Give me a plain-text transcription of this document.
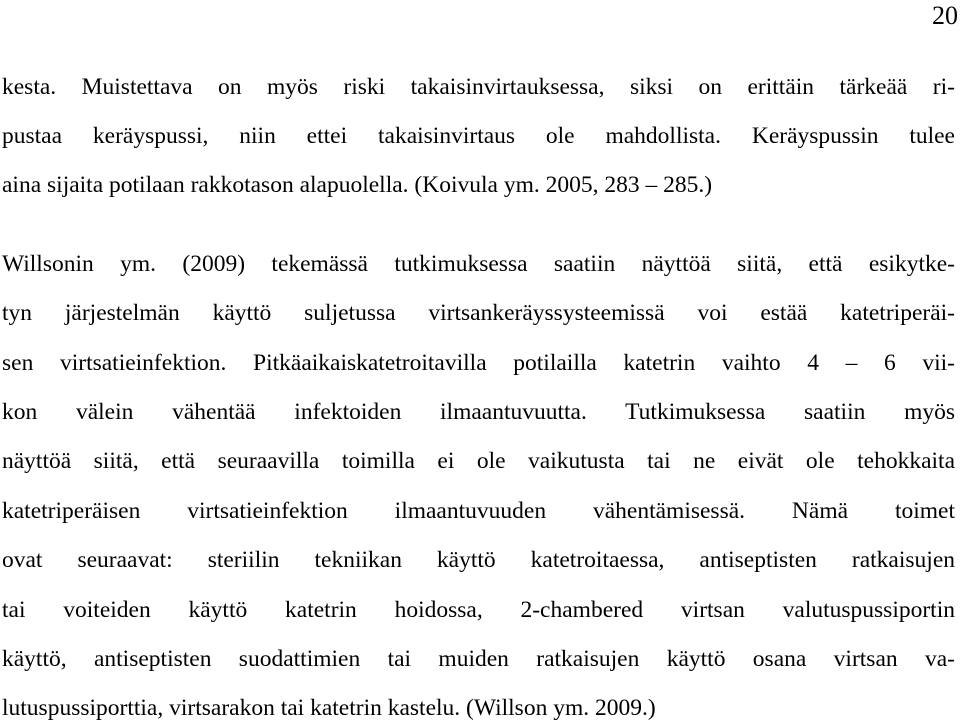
20
kesta. Muistettava on myös riski takaisinvirtauksessa, siksi on erittäin tärkeää ri-
pustaa keräyspussi, niin ettei takaisinvirtaus ole mahdollista. Keräyspussin tulee
aina sijaita potilaan rakkotason alapuolella. (Koivula ym. 2005, 283 – 285.)
Willsonin ym. (2009) tekemässä tutkimuksessa saatiin näyttöä siitä, että esikytke-
tyn järjestelmän käyttö suljetussa virtsankeräyssysteemissä voi estää katetriperäi-
sen virtsatieinfektion. Pitkäaikaiskatetroitavilla potilailla katetrin vaihto 4 – 6 vii-
kon välein vähentää infektoiden ilmaantuvuutta. Tutkimuksessa saatiin myös
näyttöä siitä, että seuraavilla toimilla ei ole vaikutusta tai ne eivät ole tehokkaita
katetriperäisen virtsatieinfektion ilmaantuvuuden vähentämisessä. Nämä toimet
ovat seuraavat: steriilin tekniikan käyttö katetroitaessa, antiseptisten ratkaisujen
tai voiteiden käyttö katetrin hoidossa, 2-chambered virtsan valutuspussiportin
käyttö, antiseptisten suodattimien tai muiden ratkaisujen käyttö osana virtsan va-
lutuspussiporttia, virtsarakon tai katetrin kastelu. (Willson ym. 2009.)
